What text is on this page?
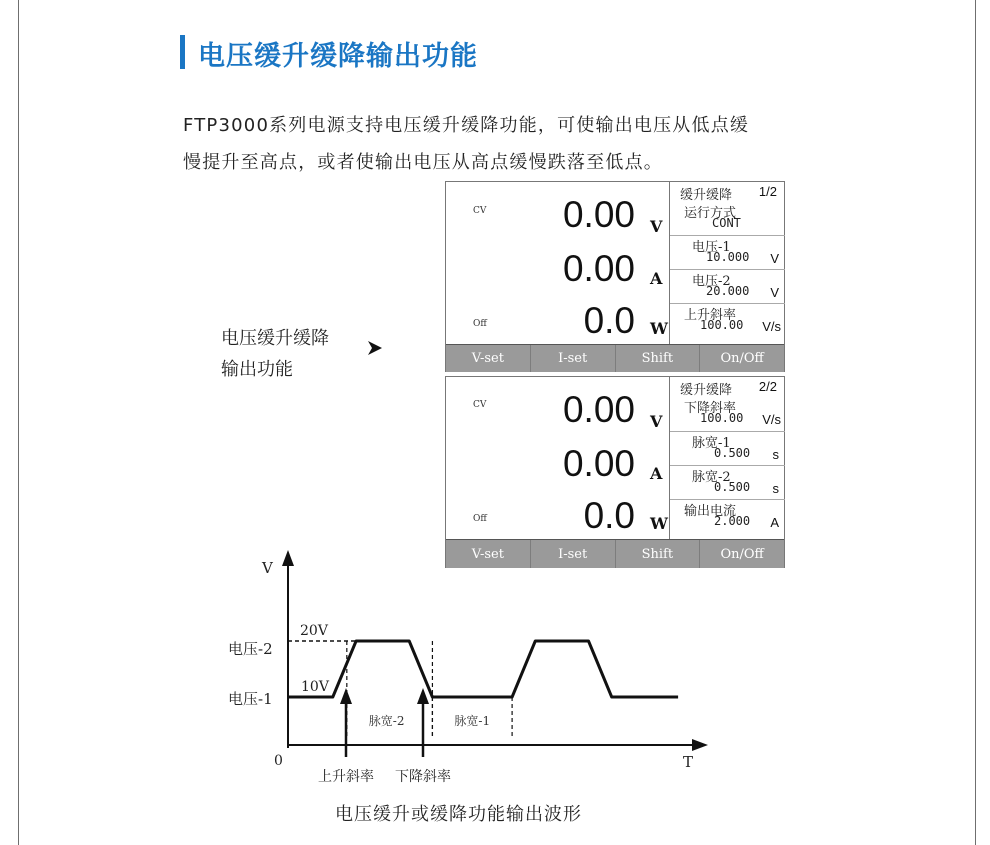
电压缓升缓降输出功能
FTP3000系列电源支持电压缓升缓降功能，可使输出电压从低点缓
慢提升至高点，或者使输出电压从高点缓慢跌落至低点。
电压缓升缓降
输出功能
CV 0.00 V
0.00 A
Off	0.0 W
缓升缓降 1/2
运行方式
CONT
电压-1
10.000 V
电压-2
20.000 V
上升斜率
100.00 V/s
V-set	I-set	Shift	On/Off
CV 0.00 V
0.00 A
Off	0.0 W
缓升缓降 2/2
下降斜率
100.00 V/s
脉宽-1
0.500 s
脉宽-2
0.500 s
输出电流
2.000 A
V-set	I-set	Shift	On/Off
V
T
0
电压-2
电压-1
20V
10V
脉宽-2	脉宽-1
上升斜率 下降斜率
电压缓升或缓降功能输出波形
